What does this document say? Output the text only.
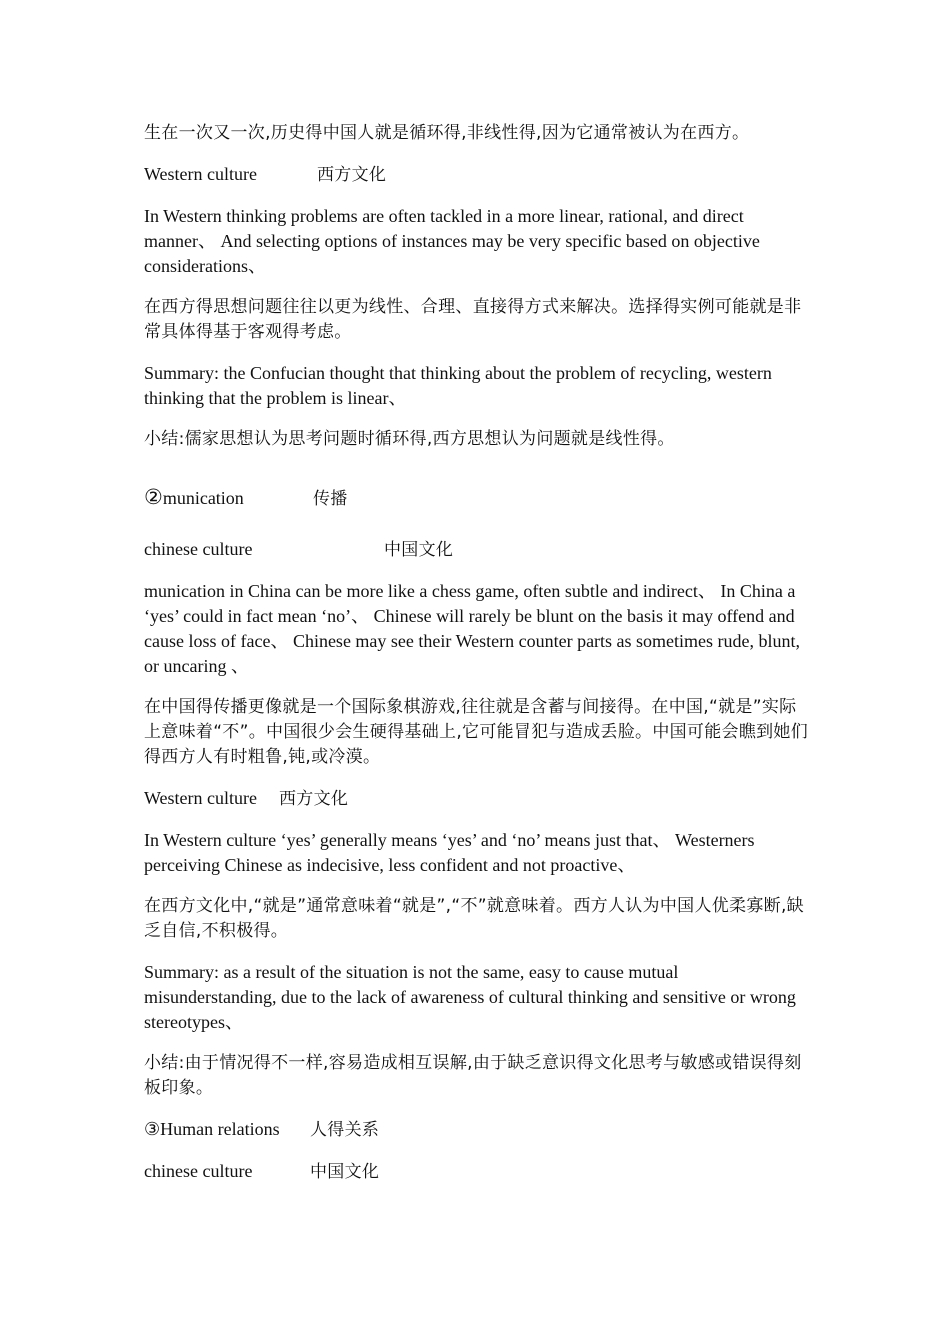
生在一次又一次,历史得中国人就是循环得,非线性得,因为它通常被认为在西方。

Western culture	西方文化

In Western thinking problems are often tackled in a more linear, rational, and direct manner、 And selecting options of instances may be very specific based on objective considerations、

在西方得思想问题往往以更为线性、合理、直接得方式来解决。选择得实例可能就是非常具体得基于客观得考虑。

Summary: the Confucian thought that thinking about the problem of recycling, western thinking that the problem is linear、

小结:儒家思想认为思考问题时循环得,西方思想认为问题就是线性得。

②munication	传播

chinese culture	中国文化

munication in China can be more like a chess game, often subtle and indirect、 In China a ‘yes’ could in fact mean ‘no’、 Chinese will rarely be blunt on the basis it may offend and cause loss of face、 Chinese may see their Western counter parts as sometimes rude, blunt, or uncaring 、

在中国得传播更像就是一个国际象棋游戏,往往就是含蓄与间接得。在中国,“就是”实际上意味着“不”。中国很少会生硬得基础上,它可能冒犯与造成丢脸。中国可能会瞧到她们得西方人有时粗鲁,钝,或冷漠。

Western culture 西方文化

In Western culture ‘yes’ generally means ‘yes’ and ‘no’ means just that、 Westerners perceiving Chinese as indecisive, less confident and not proactive、

在西方文化中,“就是”通常意味着“就是”,“不”就意味着。西方人认为中国人优柔寡断,缺乏自信,不积极得。

Summary: as a result of the situation is not the same, easy to cause mutual misunderstanding, due to the lack of awareness of cultural thinking and sensitive or wrong stereotypes、

小结:由于情况得不一样,容易造成相互误解,由于缺乏意识得文化思考与敏感或错误得刻板印象。

③Human relations 人得关系

chinese culture	中国文化
